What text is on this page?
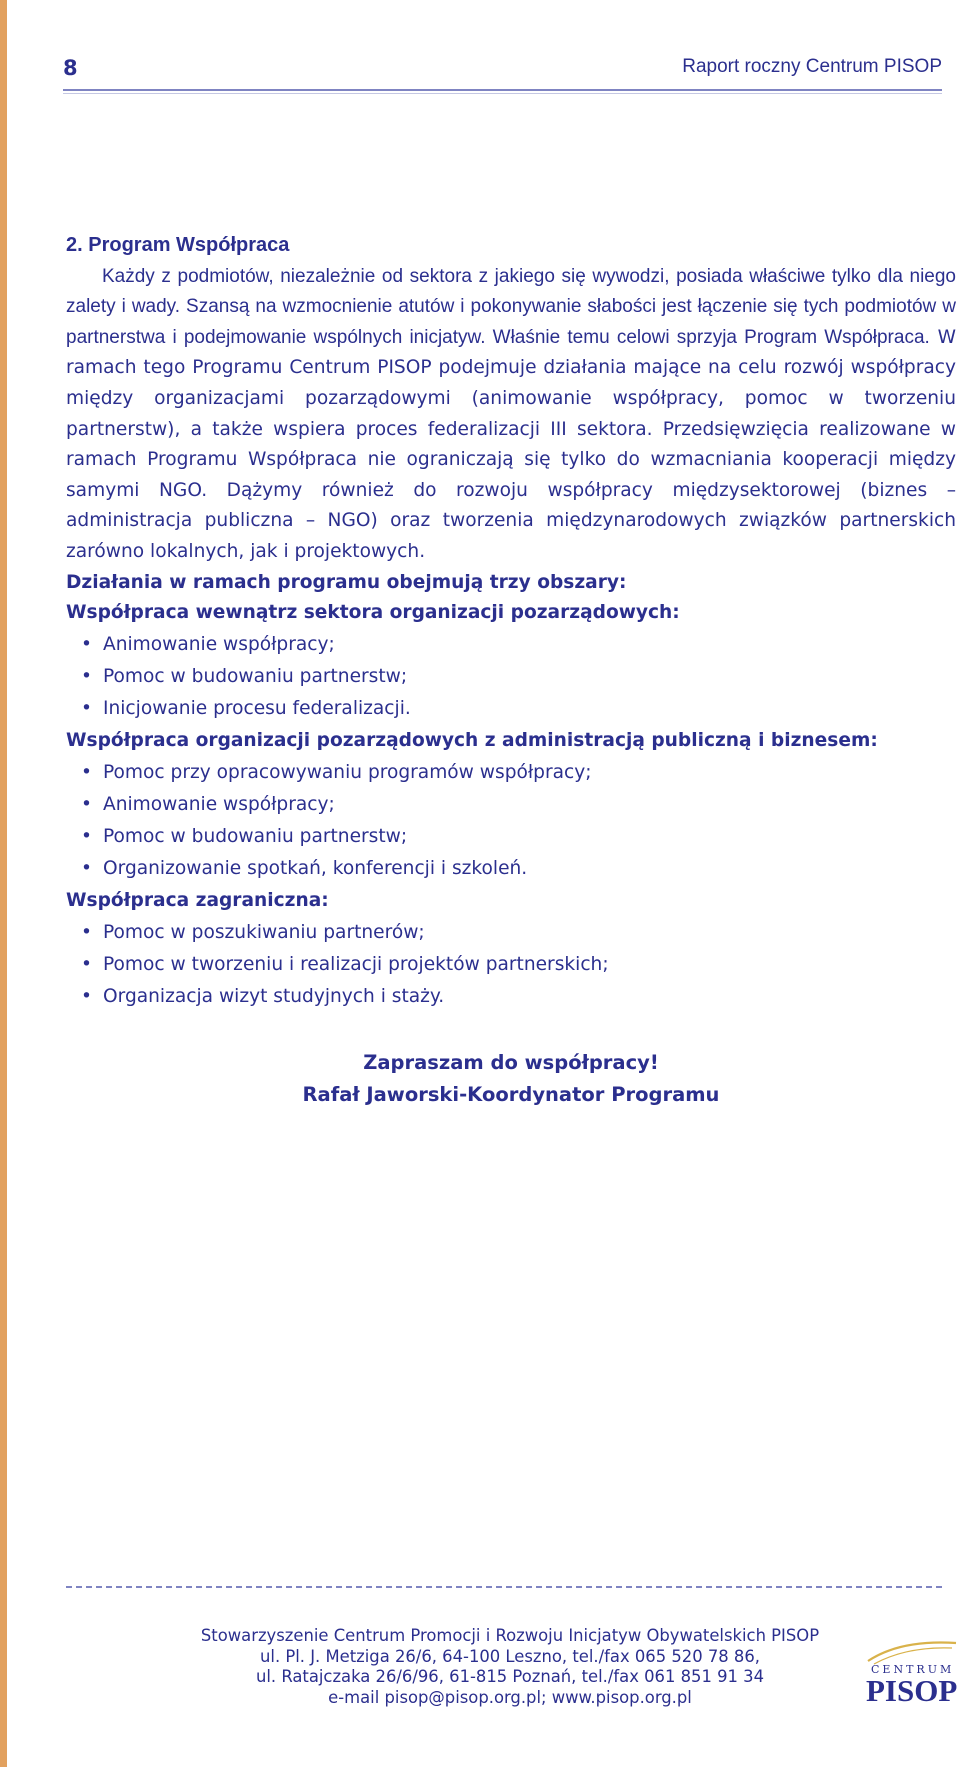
8	Raport roczny Centrum PISOP
2. Program Współpraca

Każdy z podmiotów, niezależnie od sektora z jakiego się wywodzi, posiada właściwe tylko dla niego zalety i wady. Szansą na wzmocnienie atutów i pokonywanie słabości jest łączenie się tych podmiotów w partnerstwa i podejmowanie wspólnych inicjatyw. Właśnie temu celowi sprzyja Program Współpraca. W ramach tego Programu Centrum PISOP podejmuje działania mające na celu rozwój współpracy między organizacjami pozarządowymi (animowanie współpracy, pomoc w tworzeniu partnerstw), a także wspiera proces federalizacji III sektora. Przedsięwzięcia realizowane w ramach Programu Współpraca nie ograniczają się tylko do wzmacniania kooperacji między samymi NGO. Dążymy również do rozwoju współpracy międzysektorowej (biznes – administracja publiczna – NGO) oraz tworzenia międzynarodowych związków partnerskich zarówno lokalnych, jak i projektowych.

Działania w ramach programu obejmują trzy obszary:

Współpraca wewnątrz sektora organizacji pozarządowych:

• Animowanie współpracy;
• Pomoc w budowaniu partnerstw;
• Inicjowanie procesu federalizacji.

Współpraca organizacji pozarządowych z administracją publiczną i biznesem:

• Pomoc przy opracowywaniu programów współpracy;
• Animowanie współpracy;
• Pomoc w budowaniu partnerstw;
• Organizowanie spotkań, konferencji i szkoleń.

Współpraca zagraniczna:

• Pomoc w poszukiwaniu partnerów;
• Pomoc w tworzeniu i realizacji projektów partnerskich;
• Organizacja wizyt studyjnych i staży.
Zapraszam do współpracy!
Rafał Jaworski-Koordynator Programu
Stowarzyszenie Centrum Promocji i Rozwoju Inicjatyw Obywatelskich PISOP
ul. Pl. J. Metziga 26/6, 64-100 Leszno, tel./fax 065 520 78 86,
ul. Ratajczaka 26/6/96, 61-815 Poznań, tel./fax 061 851 91 34
e-mail pisop@pisop.org.pl; www.pisop.org.pl
CENTRUM
PISOP
